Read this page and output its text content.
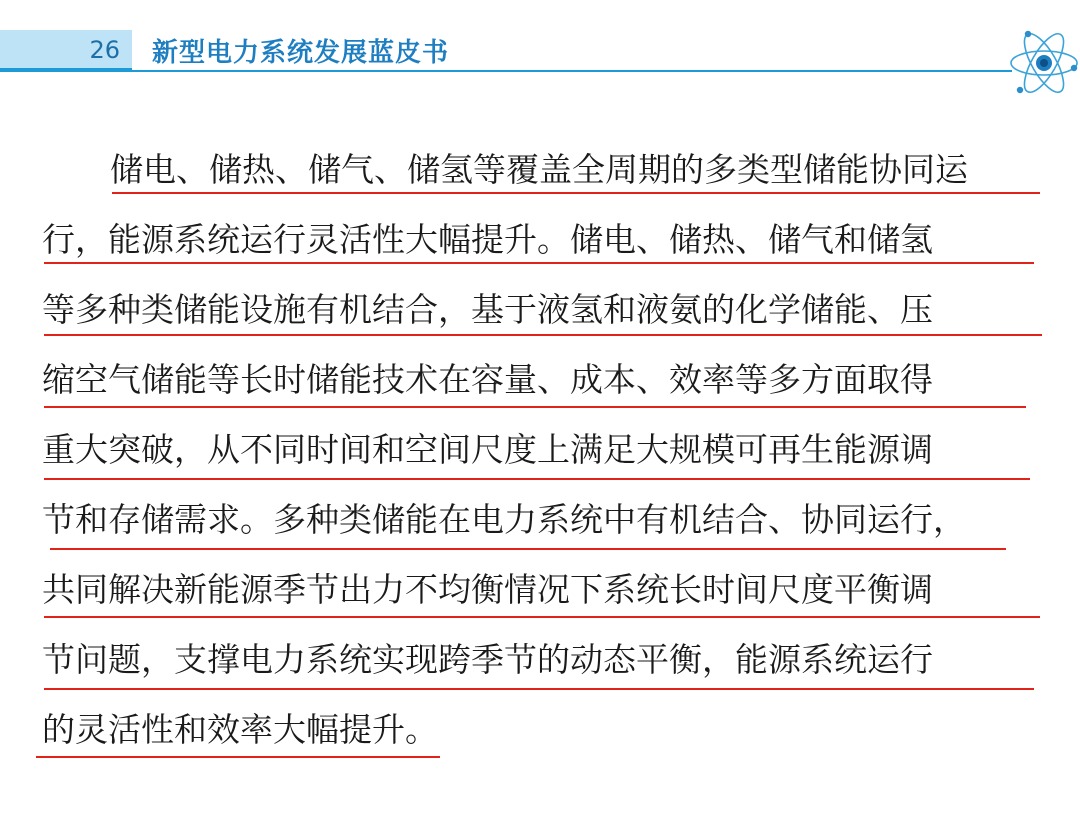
26 新型电力系统发展蓝皮书
储电、储热、储气、储氢等覆盖全周期的多类型储能协同运
行，能源系统运行灵活性大幅提升。储电、储热、储气和储氢
等多种类储能设施有机结合，基于液氢和液氨的化学储能、压
缩空气储能等长时储能技术在容量、成本、效率等多方面取得
重大突破，从不同时间和空间尺度上满足大规模可再生能源调
节和存储需求。多种类储能在电力系统中有机结合、协同运行，
共同解决新能源季节出力不均衡情况下系统长时间尺度平衡调
节问题，支撑电力系统实现跨季节的动态平衡，能源系统运行
的灵活性和效率大幅提升。
